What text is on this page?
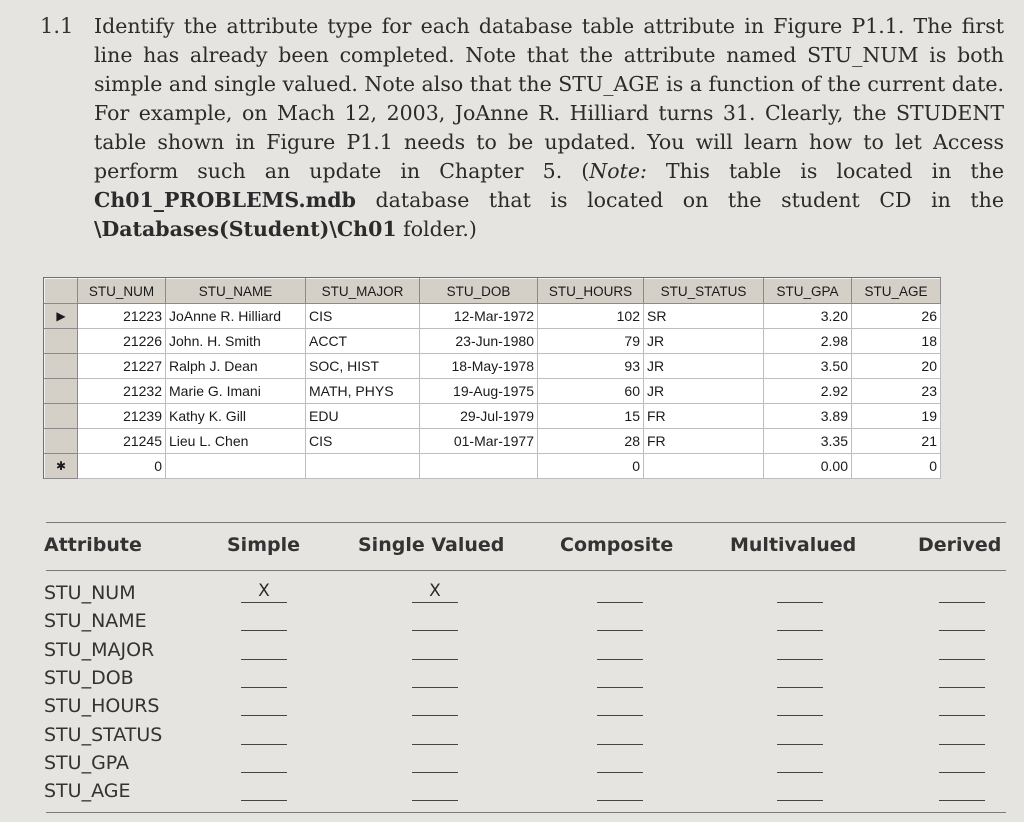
1.1 Identify the attribute type for each database table attribute in Figure P1.1. The first line has already been completed. Note that the attribute named STU_NUM is both simple and single valued. Note also that the STU_AGE is a function of the current date. For example, on Mach 12, 2003, JoAnne R. Hilliard turns 31. Clearly, the STUDENT table shown in Figure P1.1 needs to be updated. You will learn how to let Access perform such an update in Chapter 5. (Note: This table is located in the Ch01_PROBLEMS.mdb database that is located on the student CD in the \Databases(Student)\Ch01 folder.)
	STU_NUM	STU_NAME	STU_MAJOR	STU_DOB	STU_HOURS	STU_STATUS	STU_GPA	STU_AGE
▶	21223	JoAnne R. Hilliard	CIS	12-Mar-1972	102	SR	3.20	26
	21226	John. H. Smith	ACCT	23-Jun-1980	79	JR	2.98	18
	21227	Ralph J. Dean	SOC, HIST	18-May-1978	93	JR	3.50	20
	21232	Marie G. Imani	MATH, PHYS	19-Aug-1975	60	JR	2.92	23
	21239	Kathy K. Gill	EDU	29-Jul-1979	15	FR	3.89	19
	21245	Lieu L. Chen	CIS	01-Mar-1977	28	FR	3.35	21
✱	0				0		0.00	0
Attribute	Simple	Single Valued	Composite	Multivalued	Derived
STU_NUM	X	X
STU_NAME
STU_MAJOR
STU_DOB
STU_HOURS
STU_STATUS
STU_GPA
STU_AGE
